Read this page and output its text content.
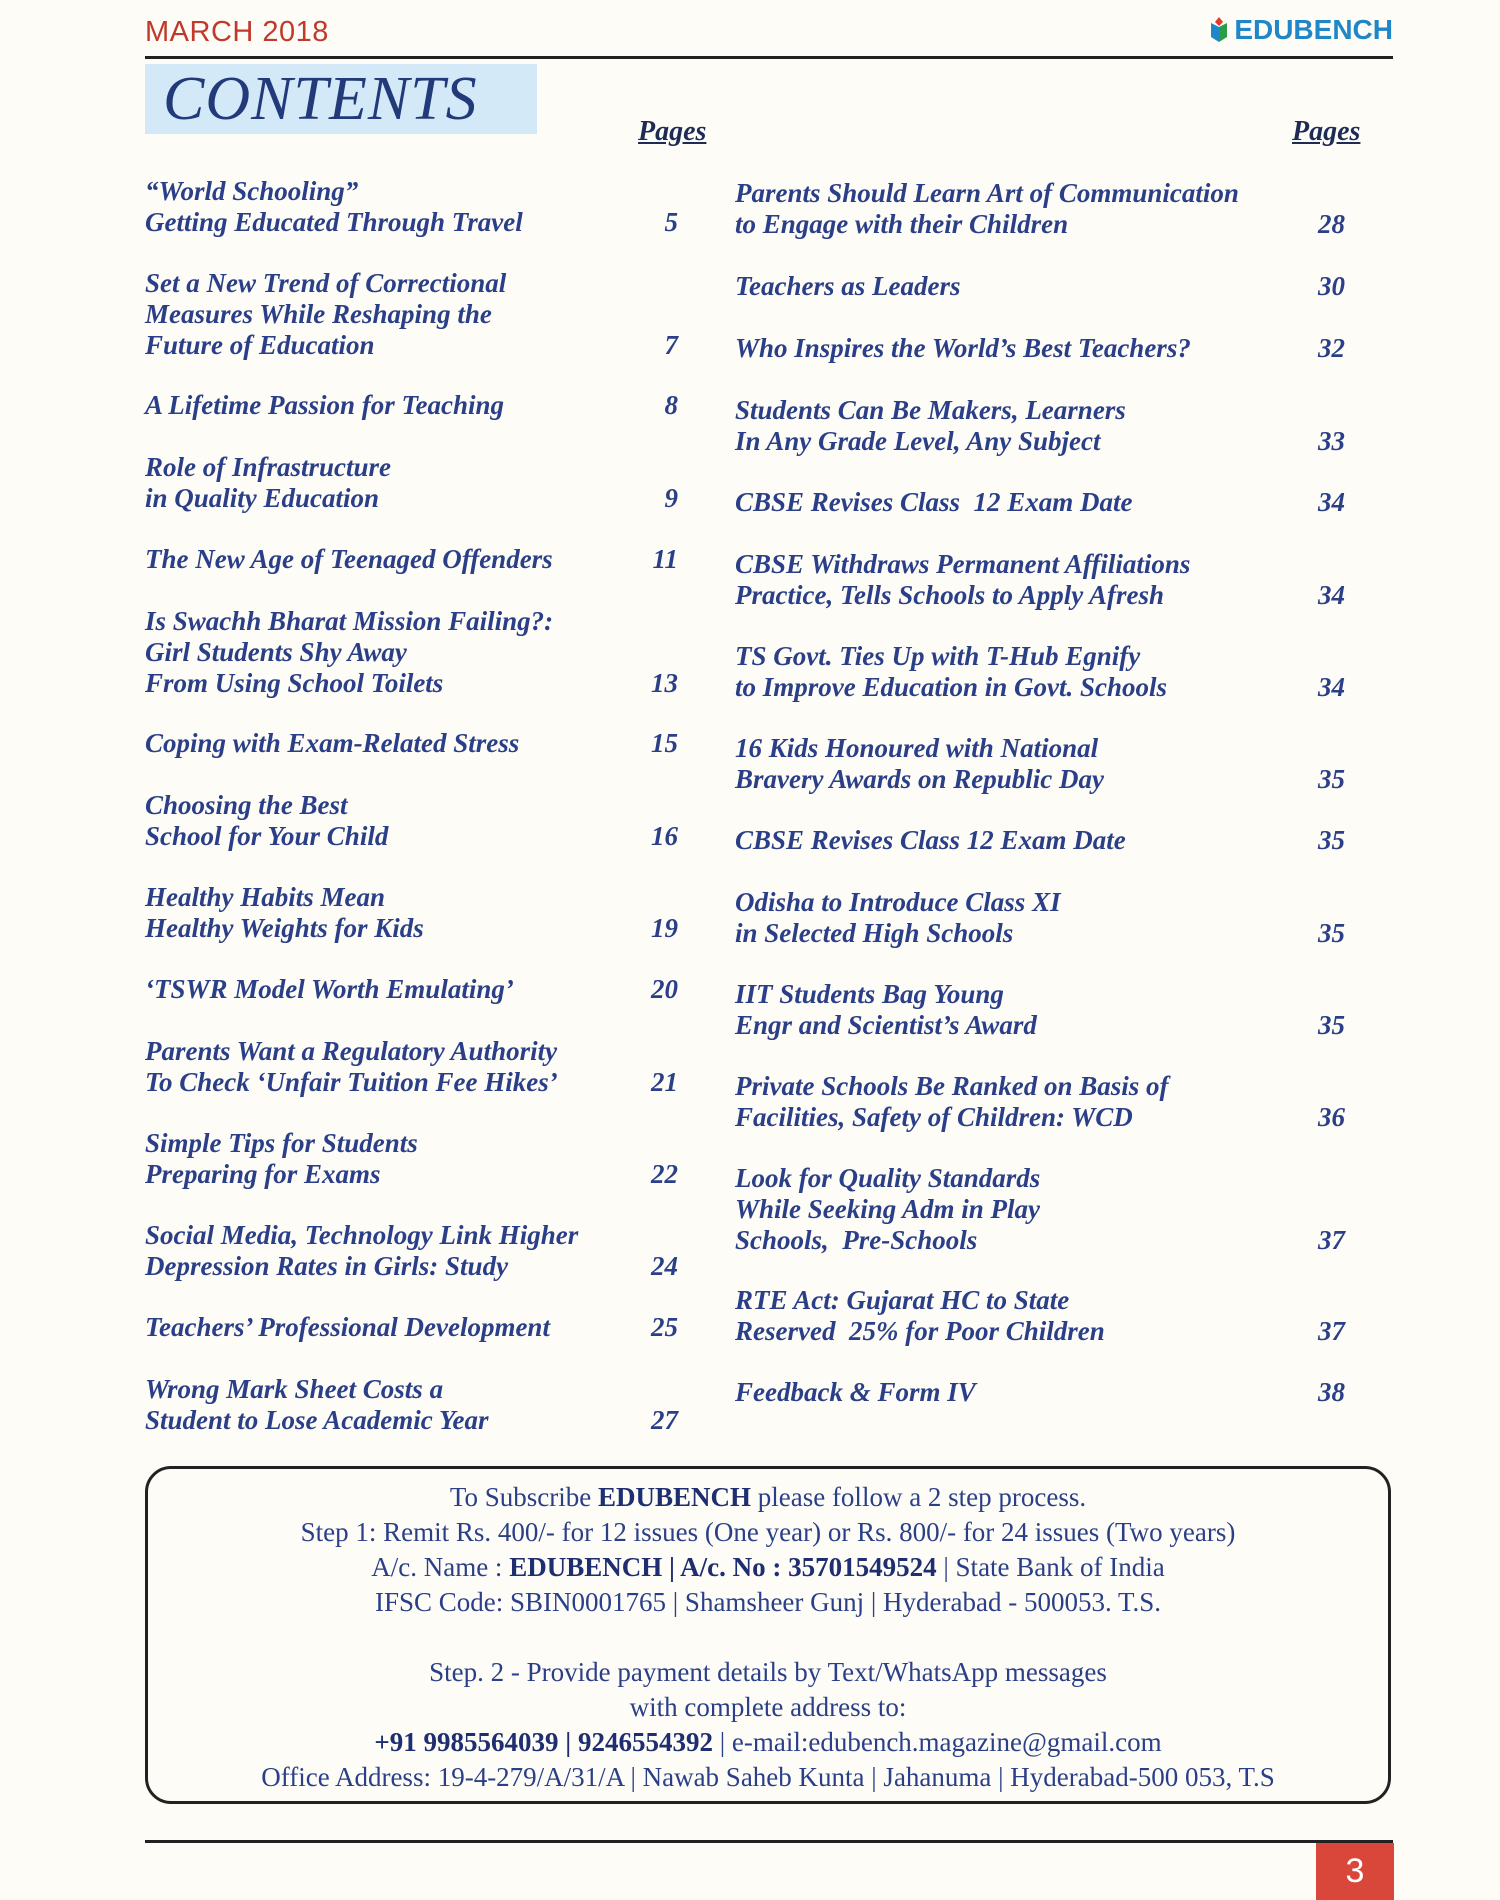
MARCH 2018	EDUBENCH
CONTENTS	Pages	Pages
“World Schooling”
Getting Educated Through Travel	5
Set a New Trend of Correctional
Measures While Reshaping the
Future of Education	7
A Lifetime Passion for Teaching	8
Role of Infrastructure
in Quality Education	9
The New Age of Teenaged Offenders	11
Is Swachh Bharat Mission Failing?:
Girl Students Shy Away
From Using School Toilets	13
Coping with Exam-Related Stress	15
Choosing the Best
School for Your Child	16
Healthy Habits Mean
Healthy Weights for Kids	19
‘TSWR Model Worth Emulating’	20
Parents Want a Regulatory Authority
To Check ‘Unfair Tuition Fee Hikes’	21
Simple Tips for Students
Preparing for Exams	22
Social Media, Technology Link Higher
Depression Rates in Girls: Study	24
Teachers’ Professional Development	25
Wrong Mark Sheet Costs a
Student to Lose Academic Year	27
Parents Should Learn Art of Communication
to Engage with their Children	28
Teachers as Leaders	30
Who Inspires the World’s Best Teachers?	32
Students Can Be Makers, Learners
In Any Grade Level, Any Subject	33
CBSE Revises Class  12 Exam Date	34
CBSE Withdraws Permanent Affiliations
Practice, Tells Schools to Apply Afresh	34
TS Govt. Ties Up with T-Hub Egnify
to Improve Education in Govt. Schools	34
16 Kids Honoured with National
Bravery Awards on Republic Day	35
CBSE Revises Class 12 Exam Date	35
Odisha to Introduce Class XI
in Selected High Schools	35
IIT Students Bag Young
Engr and Scientist’s Award	35
Private Schools Be Ranked on Basis of
Facilities, Safety of Children: WCD	36
Look for Quality Standards
While Seeking Adm in Play
Schools,  Pre-Schools	37
RTE Act: Gujarat HC to State
Reserved  25% for Poor Children	37
Feedback & Form IV	38
To Subscribe EDUBENCH please follow a 2 step process.
Step 1: Remit Rs. 400/- for 12 issues (One year) or Rs. 800/- for 24 issues (Two years)
A/c. Name : EDUBENCH | A/c. No : 35701549524 | State Bank of India
IFSC Code: SBIN0001765 | Shamsheer Gunj | Hyderabad - 500053. T.S.
Step. 2 - Provide payment details by Text/WhatsApp messages
with complete address to:
+91 9985564039 | 9246554392 | e-mail:edubench.magazine@gmail.com
Office Address: 19-4-279/A/31/A | Nawab Saheb Kunta | Jahanuma | Hyderabad-500 053, T.S
3
